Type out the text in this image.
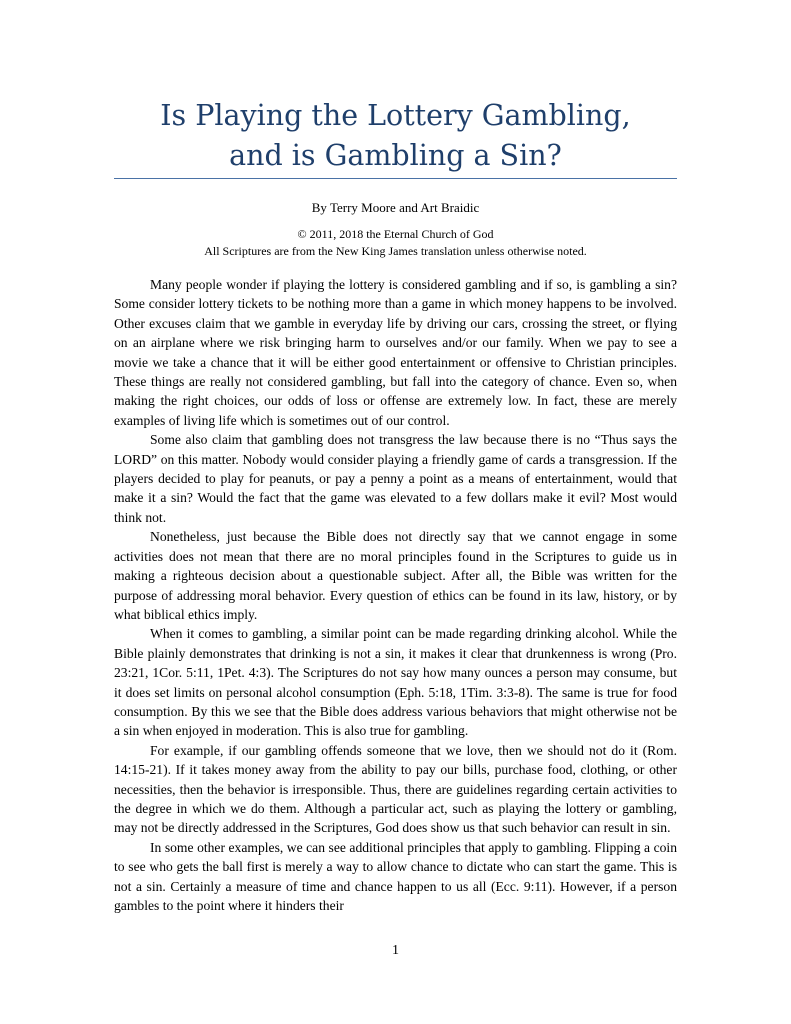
Is Playing the Lottery Gambling,
and is Gambling a Sin?
By Terry Moore and Art Braidic
© 2011, 2018 the Eternal Church of God
All Scriptures are from the New King James translation unless otherwise noted.

Many people wonder if playing the lottery is considered gambling and if so, is gambling a sin? Some consider lottery tickets to be nothing more than a game in which money happens to be involved. Other excuses claim that we gamble in everyday life by driving our cars, crossing the street, or flying on an airplane where we risk bringing harm to ourselves and/or our family. When we pay to see a movie we take a chance that it will be either good entertainment or offensive to Christian principles. These things are really not considered gambling, but fall into the category of chance. Even so, when making the right choices, our odds of loss or offense are extremely low. In fact, these are merely examples of living life which is sometimes out of our control.

Some also claim that gambling does not transgress the law because there is no “Thus says the LORD” on this matter. Nobody would consider playing a friendly game of cards a transgression. If the players decided to play for peanuts, or pay a penny a point as a means of entertainment, would that make it a sin? Would the fact that the game was elevated to a few dollars make it evil? Most would think not.

Nonetheless, just because the Bible does not directly say that we cannot engage in some activities does not mean that there are no moral principles found in the Scriptures to guide us in making a righteous decision about a questionable subject. After all, the Bible was written for the purpose of addressing moral behavior. Every question of ethics can be found in its law, history, or by what biblical ethics imply.

When it comes to gambling, a similar point can be made regarding drinking alcohol. While the Bible plainly demonstrates that drinking is not a sin, it makes it clear that drunkenness is wrong (Pro. 23:21, 1Cor. 5:11, 1Pet. 4:3). The Scriptures do not say how many ounces a person may consume, but it does set limits on personal alcohol consumption (Eph. 5:18, 1Tim. 3:3-8). The same is true for food consumption. By this we see that the Bible does address various behaviors that might otherwise not be a sin when enjoyed in moderation. This is also true for gambling.

For example, if our gambling offends someone that we love, then we should not do it (Rom. 14:15-21). If it takes money away from the ability to pay our bills, purchase food, clothing, or other necessities, then the behavior is irresponsible. Thus, there are guidelines regarding certain activities to the degree in which we do them. Although a particular act, such as playing the lottery or gambling, may not be directly addressed in the Scriptures, God does show us that such behavior can result in sin.

In some other examples, we can see additional principles that apply to gambling. Flipping a coin to see who gets the ball first is merely a way to allow chance to dictate who can start the game. This is not a sin. Certainly a measure of time and chance happen to us all (Ecc. 9:11). However, if a person gambles to the point where it hinders their

1
